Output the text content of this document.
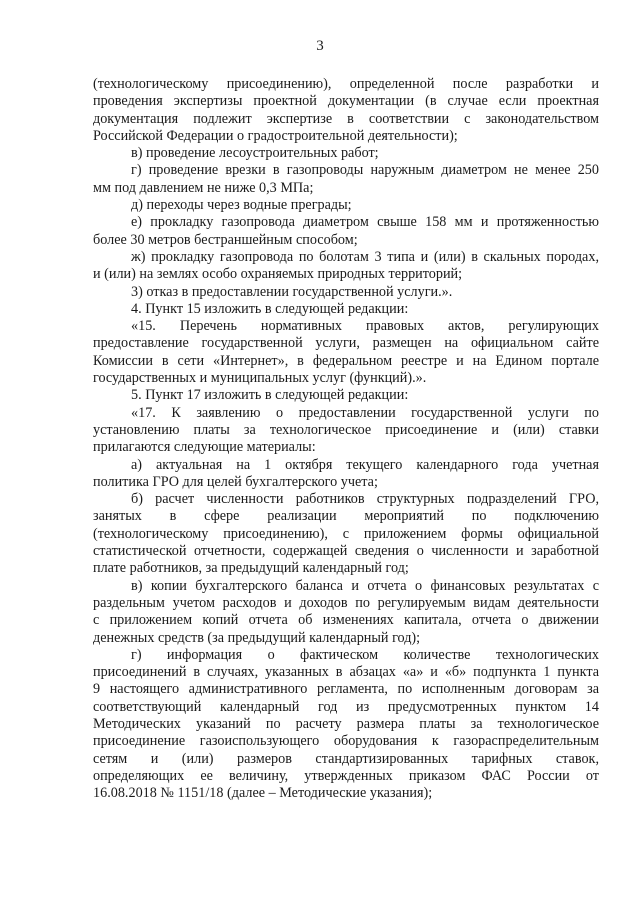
3
(технологическому присоединению), определенной после разработки и
проведения экспертизы проектной документации (в случае если проектная
документация подлежит экспертизе в соответствии с законодательством
Российской Федерации о градостроительной деятельности);
в) проведение лесоустроительных работ;
г) проведение врезки в газопроводы наружным диаметром не менее 250
мм под давлением не ниже 0,3 МПа;
д) переходы через водные преграды;
е) прокладку газопровода диаметром свыше 158 мм и протяженностью
более 30 метров бестраншейным способом;
ж) прокладку газопровода по болотам 3 типа и (или) в скальных породах,
и (или) на землях особо охраняемых природных территорий;
3) отказ в предоставлении государственной услуги.».
4. Пункт 15 изложить в следующей редакции:
«15. Перечень нормативных правовых актов, регулирующих
предоставление государственной услуги, размещен на официальном сайте
Комиссии в сети «Интернет», в федеральном реестре и на Едином портале
государственных и муниципальных услуг (функций).».
5. Пункт 17 изложить в следующей редакции:
«17. К заявлению о предоставлении государственной услуги по
установлению платы за технологическое присоединение и (или) ставки
прилагаются следующие материалы:
а) актуальная на 1 октября текущего календарного года учетная
политика ГРО для целей бухгалтерского учета;
б) расчет численности работников структурных подразделений ГРО,
занятых в сфере реализации мероприятий по подключению
(технологическому присоединению), с приложением формы официальной
статистической отчетности, содержащей сведения о численности и заработной
плате работников, за предыдущий календарный год;
в) копии бухгалтерского баланса и отчета о финансовых результатах с
раздельным учетом расходов и доходов по регулируемым видам деятельности
с приложением копий отчета об изменениях капитала, отчета о движении
денежных средств (за предыдущий календарный год);
г) информация о фактическом количестве технологических
присоединений в случаях, указанных в абзацах «а» и «б» подпункта 1 пункта
9 настоящего административного регламента, по исполненным договорам за
соответствующий календарный год из предусмотренных пунктом 14
Методических указаний по расчету размера платы за технологическое
присоединение газоиспользующего оборудования к газораспределительным
сетям и (или) размеров стандартизированных тарифных ставок,
определяющих ее величину, утвержденных приказом ФАС России от
16.08.2018 № 1151/18 (далее – Методические указания);
